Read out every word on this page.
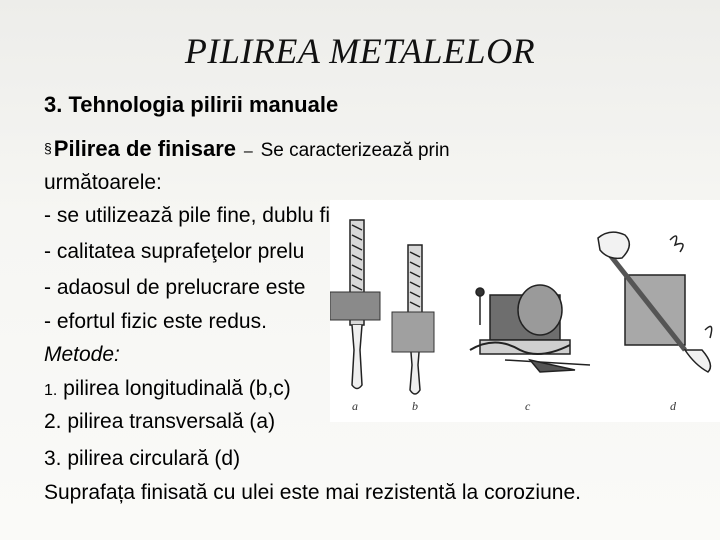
PILIREA METALELOR
3. Tehnologia pilirii manuale
§Pilirea de finisare – Se caracterizează prin
următoarele:
- se utilizează pile fine, dublu fi
- calitatea suprafeţelor prelu
- adaosul de prelucrare este
- efortul fizic este redus.
Metode:
1. pilirea longitudinală (b,c)
2. pilirea transversală (a)
3. pilirea circulară (d)
Suprafața finisată cu ulei este mai rezistentă la coroziune.
a	b	c	d
